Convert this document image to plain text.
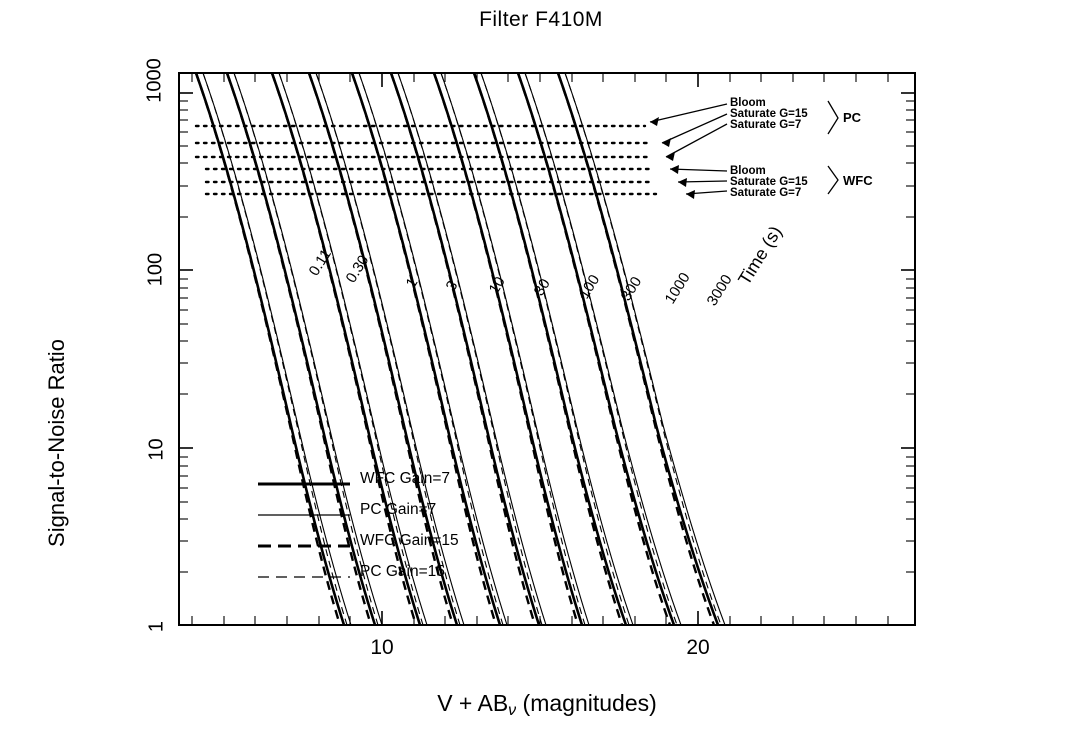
Filter F410M
Signal-to-Noise Ratio
$V + AB_\nu$ (magnitudes)
1000
100
10
1
10	20
0.11 0.30 1 3 10 30 100 300 1000 3000
Time (s)
Bloom
Saturate G=15
Saturate G=7
Bloom
Saturate G=15
Saturate G=7
PC
WFC
WFC Gain=7
PC Gain=7
WFC Gain=15
PC Gain=15
